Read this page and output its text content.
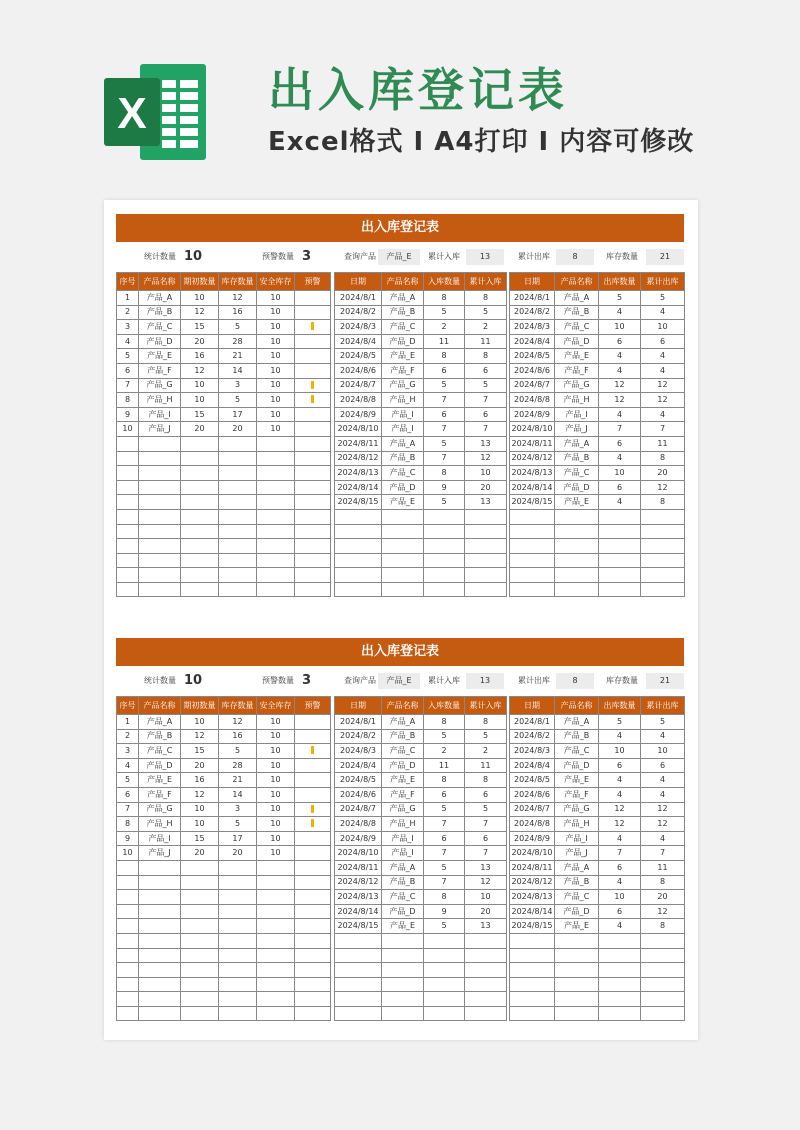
X	出入库登记表
Excel格式 I A4打印 I 内容可修改
出入库登记表
统计数量 10	预警数量 3	查询产品	产品_E	累计入库	13	累计出库	8	库存数量	21
序号	产品名称	期初数量	库存数量	安全库存	预警
1	产品_A	10	12	10	
2	产品_B	12	16	10	
3	产品_C	15	5	10	
4	产品_D	20	28	10	
5	产品_E	16	21	10	
6	产品_F	12	14	10	
7	产品_G	10	3	10	
8	产品_H	10	5	10	
9	产品_I	15	17	10	
10	产品_J	20	20	10	

日期	产品名称	入库数量	累计入库
2024/8/1	产品_A	8	8
2024/8/2	产品_B	5	5
2024/8/3	产品_C	2	2
2024/8/4	产品_D	11	11
2024/8/5	产品_E	8	8
2024/8/6	产品_F	6	6
2024/8/7	产品_G	5	5
2024/8/8	产品_H	7	7
2024/8/9	产品_I	6	6
2024/8/10	产品_I	7	7
2024/8/11	产品_A	5	13
2024/8/12	产品_B	7	12
2024/8/13	产品_C	8	10
2024/8/14	产品_D	9	20
2024/8/15	产品_E	5	13

日期	产品名称	出库数量	累计出库
2024/8/1	产品_A	5	5
2024/8/2	产品_B	4	4
2024/8/3	产品_C	10	10
2024/8/4	产品_D	6	6
2024/8/5	产品_E	4	4
2024/8/6	产品_F	4	4
2024/8/7	产品_G	12	12
2024/8/8	产品_H	12	12
2024/8/9	产品_I	4	4
2024/8/10	产品_J	7	7
2024/8/11	产品_A	6	11
2024/8/12	产品_B	4	8
2024/8/13	产品_C	10	20
2024/8/14	产品_D	6	12
2024/8/15	产品_E	4	8

出入库登记表
统计数量 10	预警数量 3	查询产品	产品_E	累计入库	13	累计出库	8	库存数量	21
序号	产品名称	期初数量	库存数量	安全库存	预警
1	产品_A	10	12	10	
2	产品_B	12	16	10	
3	产品_C	15	5	10	
4	产品_D	20	28	10	
5	产品_E	16	21	10	
6	产品_F	12	14	10	
7	产品_G	10	3	10	
8	产品_H	10	5	10	
9	产品_I	15	17	10	
10	产品_J	20	20	10	

日期	产品名称	入库数量	累计入库
2024/8/1	产品_A	8	8
2024/8/2	产品_B	5	5
2024/8/3	产品_C	2	2
2024/8/4	产品_D	11	11
2024/8/5	产品_E	8	8
2024/8/6	产品_F	6	6
2024/8/7	产品_G	5	5
2024/8/8	产品_H	7	7
2024/8/9	产品_I	6	6
2024/8/10	产品_I	7	7
2024/8/11	产品_A	5	13
2024/8/12	产品_B	7	12
2024/8/13	产品_C	8	10
2024/8/14	产品_D	9	20
2024/8/15	产品_E	5	13

日期	产品名称	出库数量	累计出库
2024/8/1	产品_A	5	5
2024/8/2	产品_B	4	4
2024/8/3	产品_C	10	10
2024/8/4	产品_D	6	6
2024/8/5	产品_E	4	4
2024/8/6	产品_F	4	4
2024/8/7	产品_G	12	12
2024/8/8	产品_H	12	12
2024/8/9	产品_I	4	4
2024/8/10	产品_J	7	7
2024/8/11	产品_A	6	11
2024/8/12	产品_B	4	8
2024/8/13	产品_C	10	20
2024/8/14	产品_D	6	12
2024/8/15	产品_E	4	8
